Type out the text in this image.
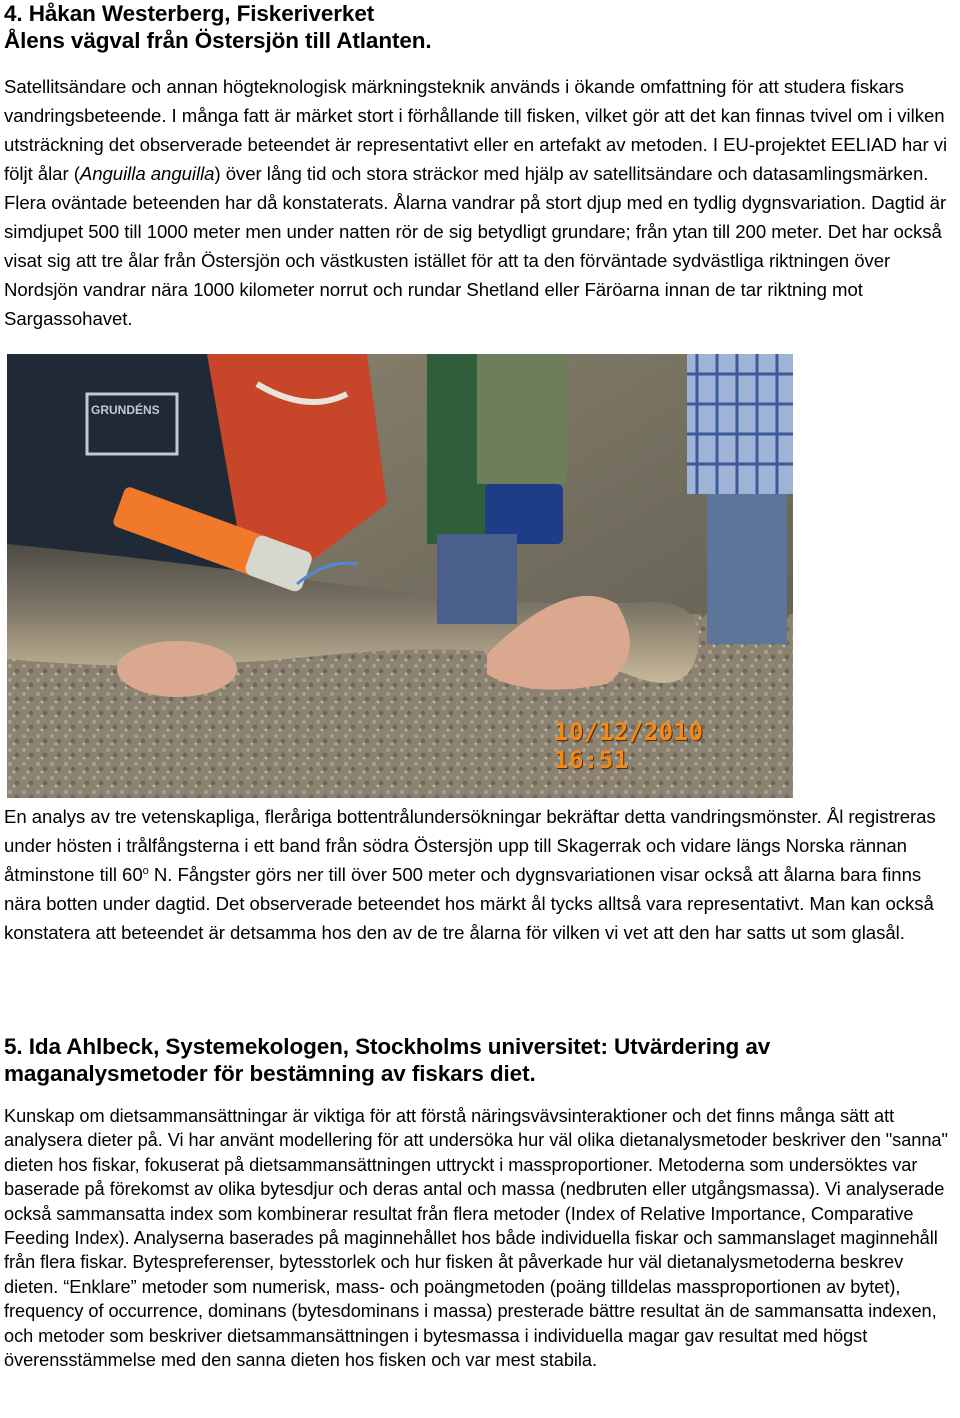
4. Håkan Westerberg, Fiskeriverket
Ålens vägval från Östersjön till Atlanten.

Satellitsändare och annan högteknologisk märkningsteknik används i ökande omfattning för att studera fiskars vandringsbeteende. I många fatt är märket stort i förhållande till fisken, vilket gör att det kan finnas tvivel om i vilken utsträckning det observerade beteendet är representativt eller en artefakt av metoden. I EU-projektet EELIAD har vi följt ålar (Anguilla anguilla) över lång tid och stora sträckor med hjälp av satellitsändare och datasamlingsmärken. Flera oväntade beteenden har då konstaterats. Ålarna vandrar på stort djup med en tydlig dygnsvariation. Dagtid är simdjupet 500 till 1000 meter men under natten rör de sig betydligt grundare; från ytan till 200 meter. Det har också visat sig att tre ålar från Östersjön och västkusten istället för att ta den förväntade sydvästliga riktningen över Nordsjön vandrar nära 1000 kilometer norrut och rundar Shetland eller Färöarna innan de tar riktning mot Sargassohavet.

GRUNDÉNS
10/12/2010 16:51

En analys av tre vetenskapliga, fleråriga bottentrålundersökningar bekräftar detta vandringsmönster. Ål registreras under hösten i trålfångsterna i ett band från södra Östersjön upp till Skagerrak och vidare längs Norska rännan åtminstone till 60$^o$ N. Fångster görs ner till över 500 meter och dygnsvariationen visar också att ålarna bara finns nära botten under dagtid. Det observerade beteendet hos märkt ål tycks alltså vara representativt. Man kan också konstatera att beteendet är detsamma hos den av de tre ålarna för vilken vi vet att den har satts ut som glasål.

5. Ida Ahlbeck, Systemekologen, Stockholms universitet: Utvärdering av
maganalysmetoder för bestämning av fiskars diet.

Kunskap om dietsammansättningar är viktiga för att förstå näringsvävsinteraktioner och det finns många sätt att analysera dieter på. Vi har använt modellering för att undersöka hur väl olika dietanalysmetoder beskriver den "sanna" dieten hos fiskar, fokuserat på dietsammansättningen uttryckt i massproportioner. Metoderna som undersöktes var baserade på förekomst av olika bytesdjur och deras antal och massa (nedbruten eller utgångsmassa). Vi analyserade också sammansatta index som kombinerar resultat från flera metoder (Index of Relative Importance, Comparative Feeding Index). Analyserna baserades på maginnehållet hos både individuella fiskar och sammanslaget maginnehåll från flera fiskar. Bytespreferenser, bytesstorlek och hur fisken åt påverkade hur väl dietanalysmetoderna beskrev dieten. “Enklare” metoder som numerisk, mass- och poängmetoden (poäng tilldelas massproportionen av bytet), frequency of occurrence, dominans (bytesdominans i massa) presterade bättre resultat än de sammansatta indexen, och metoder som beskriver dietsammansättningen i bytesmassa i individuella magar gav resultat med högst överensstämmelse med den sanna dieten hos fisken och var mest stabila.
